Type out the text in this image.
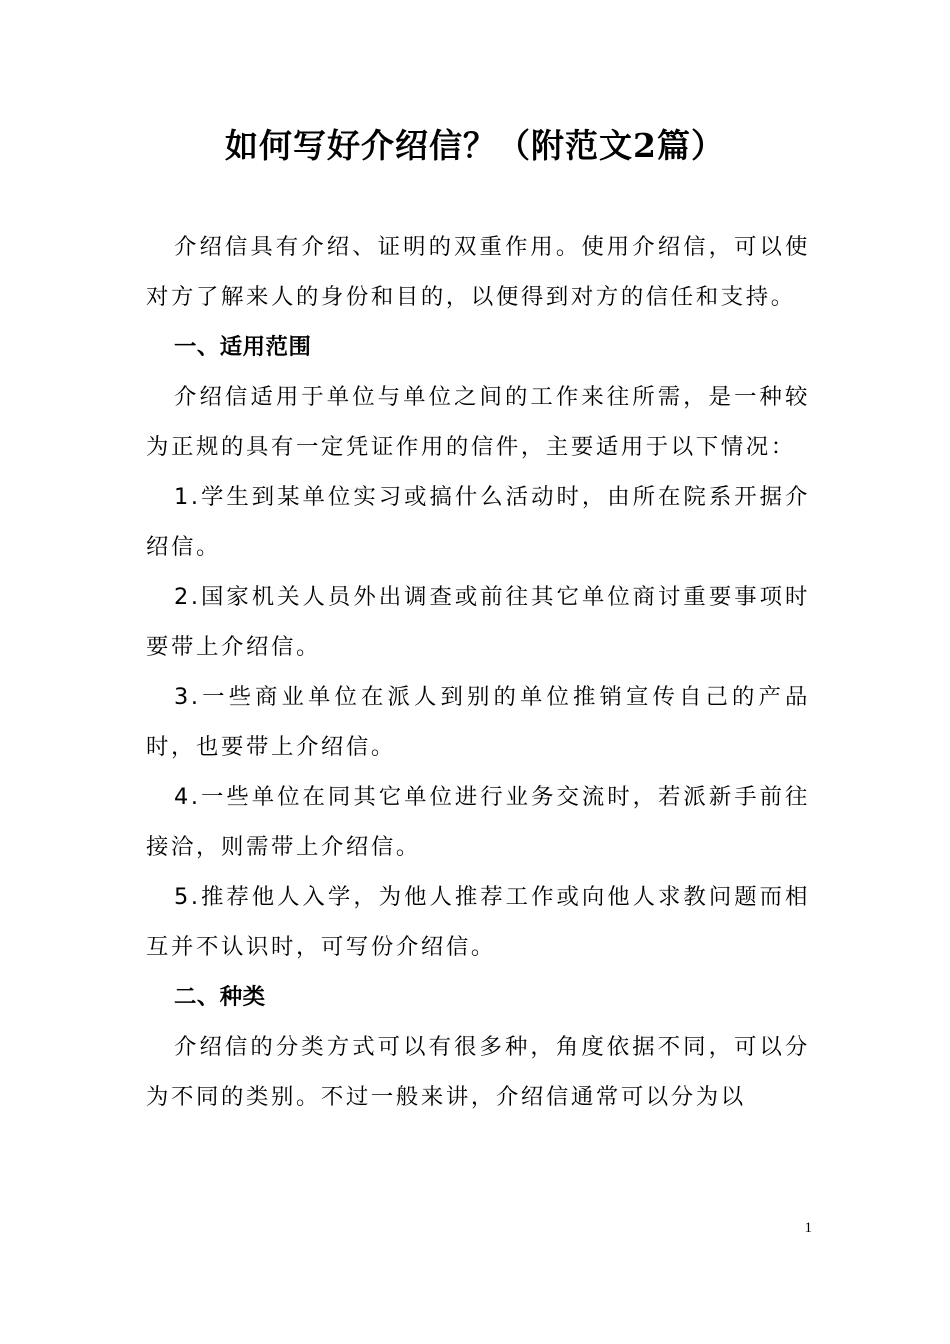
如何写好介绍信？（附范文2篇）

介绍信具有介绍、证明的双重作用。使用介绍信，可以使对方了解来人的身份和目的，以便得到对方的信任和支持。

一、适用范围

介绍信适用于单位与单位之间的工作来往所需，是一种较为正规的具有一定凭证作用的信件，主要适用于以下情况：

1.学生到某单位实习或搞什么活动时，由所在院系开据介绍信。

2.国家机关人员外出调查或前往其它单位商讨重要事项时要带上介绍信。

3.一些商业单位在派人到别的单位推销宣传自己的产品时，也要带上介绍信。

4.一些单位在同其它单位进行业务交流时，若派新手前往接洽，则需带上介绍信。

5.推荐他人入学，为他人推荐工作或向他人求教问题而相互并不认识时，可写份介绍信。

二、种类

介绍信的分类方式可以有很多种，角度依据不同，可以分为不同的类别。不过一般来讲，介绍信通常可以分为以

1
